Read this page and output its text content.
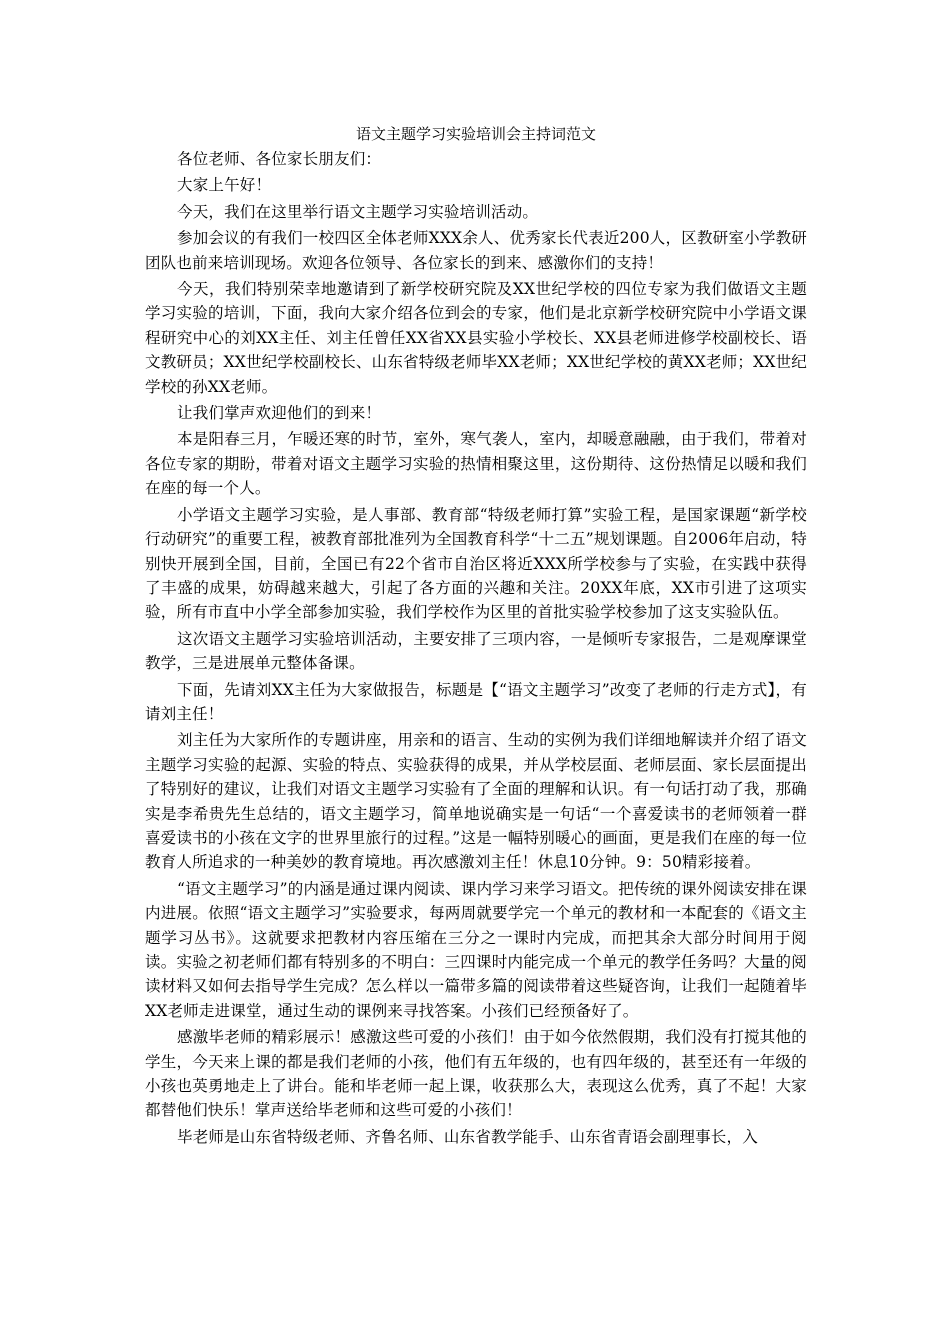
语文主题学习实验培训会主持词范文
各位老师、各位家长朋友们：
大家上午好！
今天，我们在这里举行语文主题学习实验培训活动。
参加会议的有我们一校四区全体老师XXX余人、优秀家长代表近200人，区教研室小学教研团队也前来培训现场。欢迎各位领导、各位家长的到来、感激你们的支持！
今天，我们特别荣幸地邀请到了新学校研究院及XX世纪学校的四位专家为我们做语文主题学习实验的培训，下面，我向大家介绍各位到会的专家，他们是北京新学校研究院中小学语文课程研究中心的刘XX主任、刘主任曾任XX省XX县实验小学校长、XX县老师进修学校副校长、语文教研员；XX世纪学校副校长、山东省特级老师毕XX老师；XX世纪学校的黄XX老师；XX世纪学校的孙XX老师。
让我们掌声欢迎他们的到来！
本是阳春三月，乍暖还寒的时节，室外，寒气袭人，室内，却暖意融融，由于我们，带着对各位专家的期盼，带着对语文主题学习实验的热情相聚这里，这份期待、这份热情足以暖和我们在座的每一个人。
小学语文主题学习实验，是人事部、教育部“特级老师打算”实验工程，是国家课题“新学校行动研究”的重要工程，被教育部批准列为全国教育科学“十二五”规划课题。自2006年启动，特别快开展到全国，目前，全国已有22个省市自治区将近XXX所学校参与了实验，在实践中获得了丰盛的成果，妨碍越来越大，引起了各方面的兴趣和关注。20XX年底，XX市引进了这项实验，所有市直中小学全部参加实验，我们学校作为区里的首批实验学校参加了这支实验队伍。
这次语文主题学习实验培训活动，主要安排了三项内容，一是倾听专家报告，二是观摩课堂教学，三是进展单元整体备课。
下面，先请刘XX主任为大家做报告，标题是【“语文主题学习”改变了老师的行走方式】，有请刘主任！
刘主任为大家所作的专题讲座，用亲和的语言、生动的实例为我们详细地解读并介绍了语文主题学习实验的起源、实验的特点、实验获得的成果，并从学校层面、老师层面、家长层面提出了特别好的建议，让我们对语文主题学习实验有了全面的理解和认识。有一句话打动了我，那确实是李希贵先生总结的，语文主题学习，简单地说确实是一句话“一个喜爱读书的老师领着一群喜爱读书的小孩在文字的世界里旅行的过程。”这是一幅特别暖心的画面，更是我们在座的每一位教育人所追求的一种美妙的教育境地。再次感激刘主任！休息10分钟。9：50精彩接着。
“语文主题学习”的内涵是通过课内阅读、课内学习来学习语文。把传统的课外阅读安排在课内进展。依照“语文主题学习”实验要求，每两周就要学完一个单元的教材和一本配套的《语文主题学习丛书》。这就要求把教材内容压缩在三分之一课时内完成，而把其余大部分时间用于阅读。实验之初老师们都有特别多的不明白：三四课时内能完成一个单元的教学任务吗？大量的阅读材料又如何去指导学生完成？怎么样以一篇带多篇的阅读带着这些疑咨询，让我们一起随着毕XX老师走进课堂，通过生动的课例来寻找答案。小孩们已经预备好了。
感激毕老师的精彩展示！感激这些可爱的小孩们！由于如今依然假期，我们没有打搅其他的学生，今天来上课的都是我们老师的小孩，他们有五年级的，也有四年级的，甚至还有一年级的小孩也英勇地走上了讲台。能和毕老师一起上课，收获那么大，表现这么优秀，真了不起！大家都替他们快乐！掌声送给毕老师和这些可爱的小孩们！
毕老师是山东省特级老师、齐鲁名师、山东省教学能手、山东省青语会副理事长，入
